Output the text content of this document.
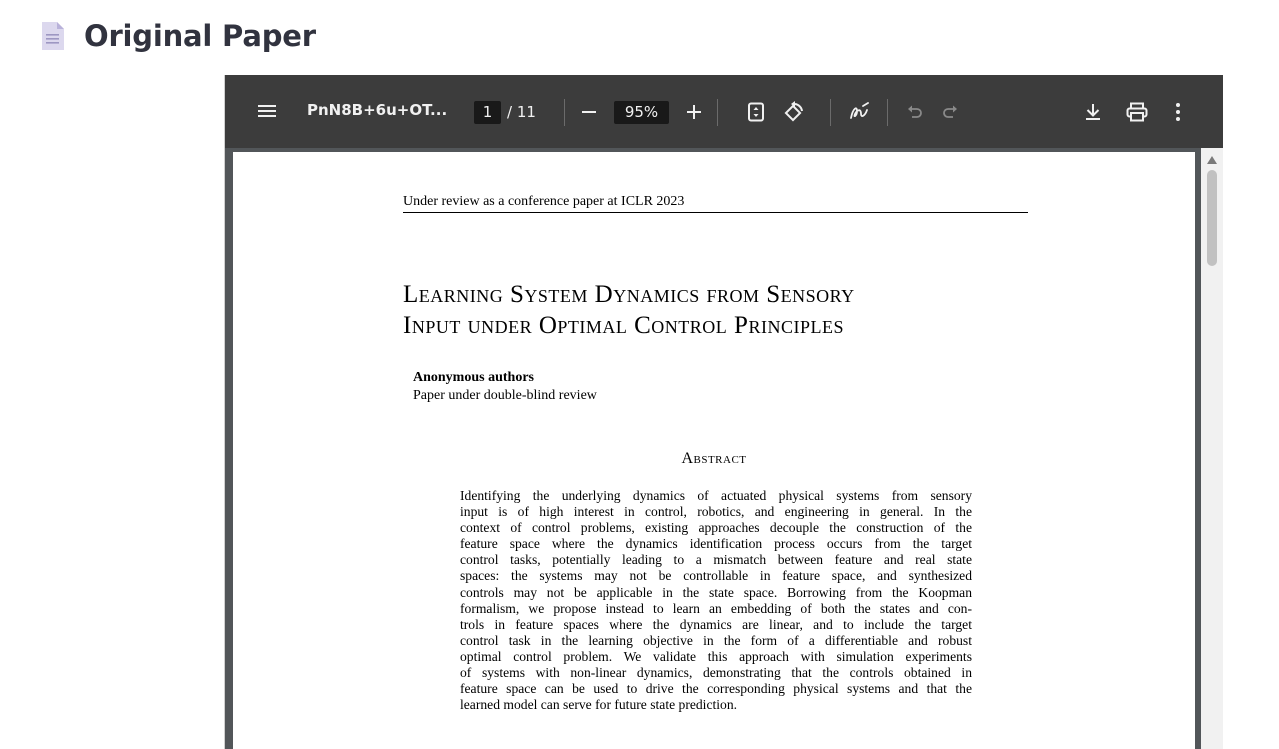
Original Paper
PnN8B+6u+OT...	1 / 11	95%
Under review as a conference paper at ICLR 2023
Learning System Dynamics from Sensory
Input under Optimal Control Principles
Anonymous authors
Paper under double-blind review
Abstract
Identifying the underlying dynamics of actuated physical systems from sensory
input is of high interest in control, robotics, and engineering in general. In the
context of control problems, existing approaches decouple the construction of the
feature space where the dynamics identification process occurs from the target
control tasks, potentially leading to a mismatch between feature and real state
spaces: the systems may not be controllable in feature space, and synthesized
controls may not be applicable in the state space. Borrowing from the Koopman
formalism, we propose instead to learn an embedding of both the states and con-
trols in feature spaces where the dynamics are linear, and to include the target
control task in the learning objective in the form of a differentiable and robust
optimal control problem. We validate this approach with simulation experiments
of systems with non-linear dynamics, demonstrating that the controls obtained in
feature space can be used to drive the corresponding physical systems and that the
learned model can serve for future state prediction.
